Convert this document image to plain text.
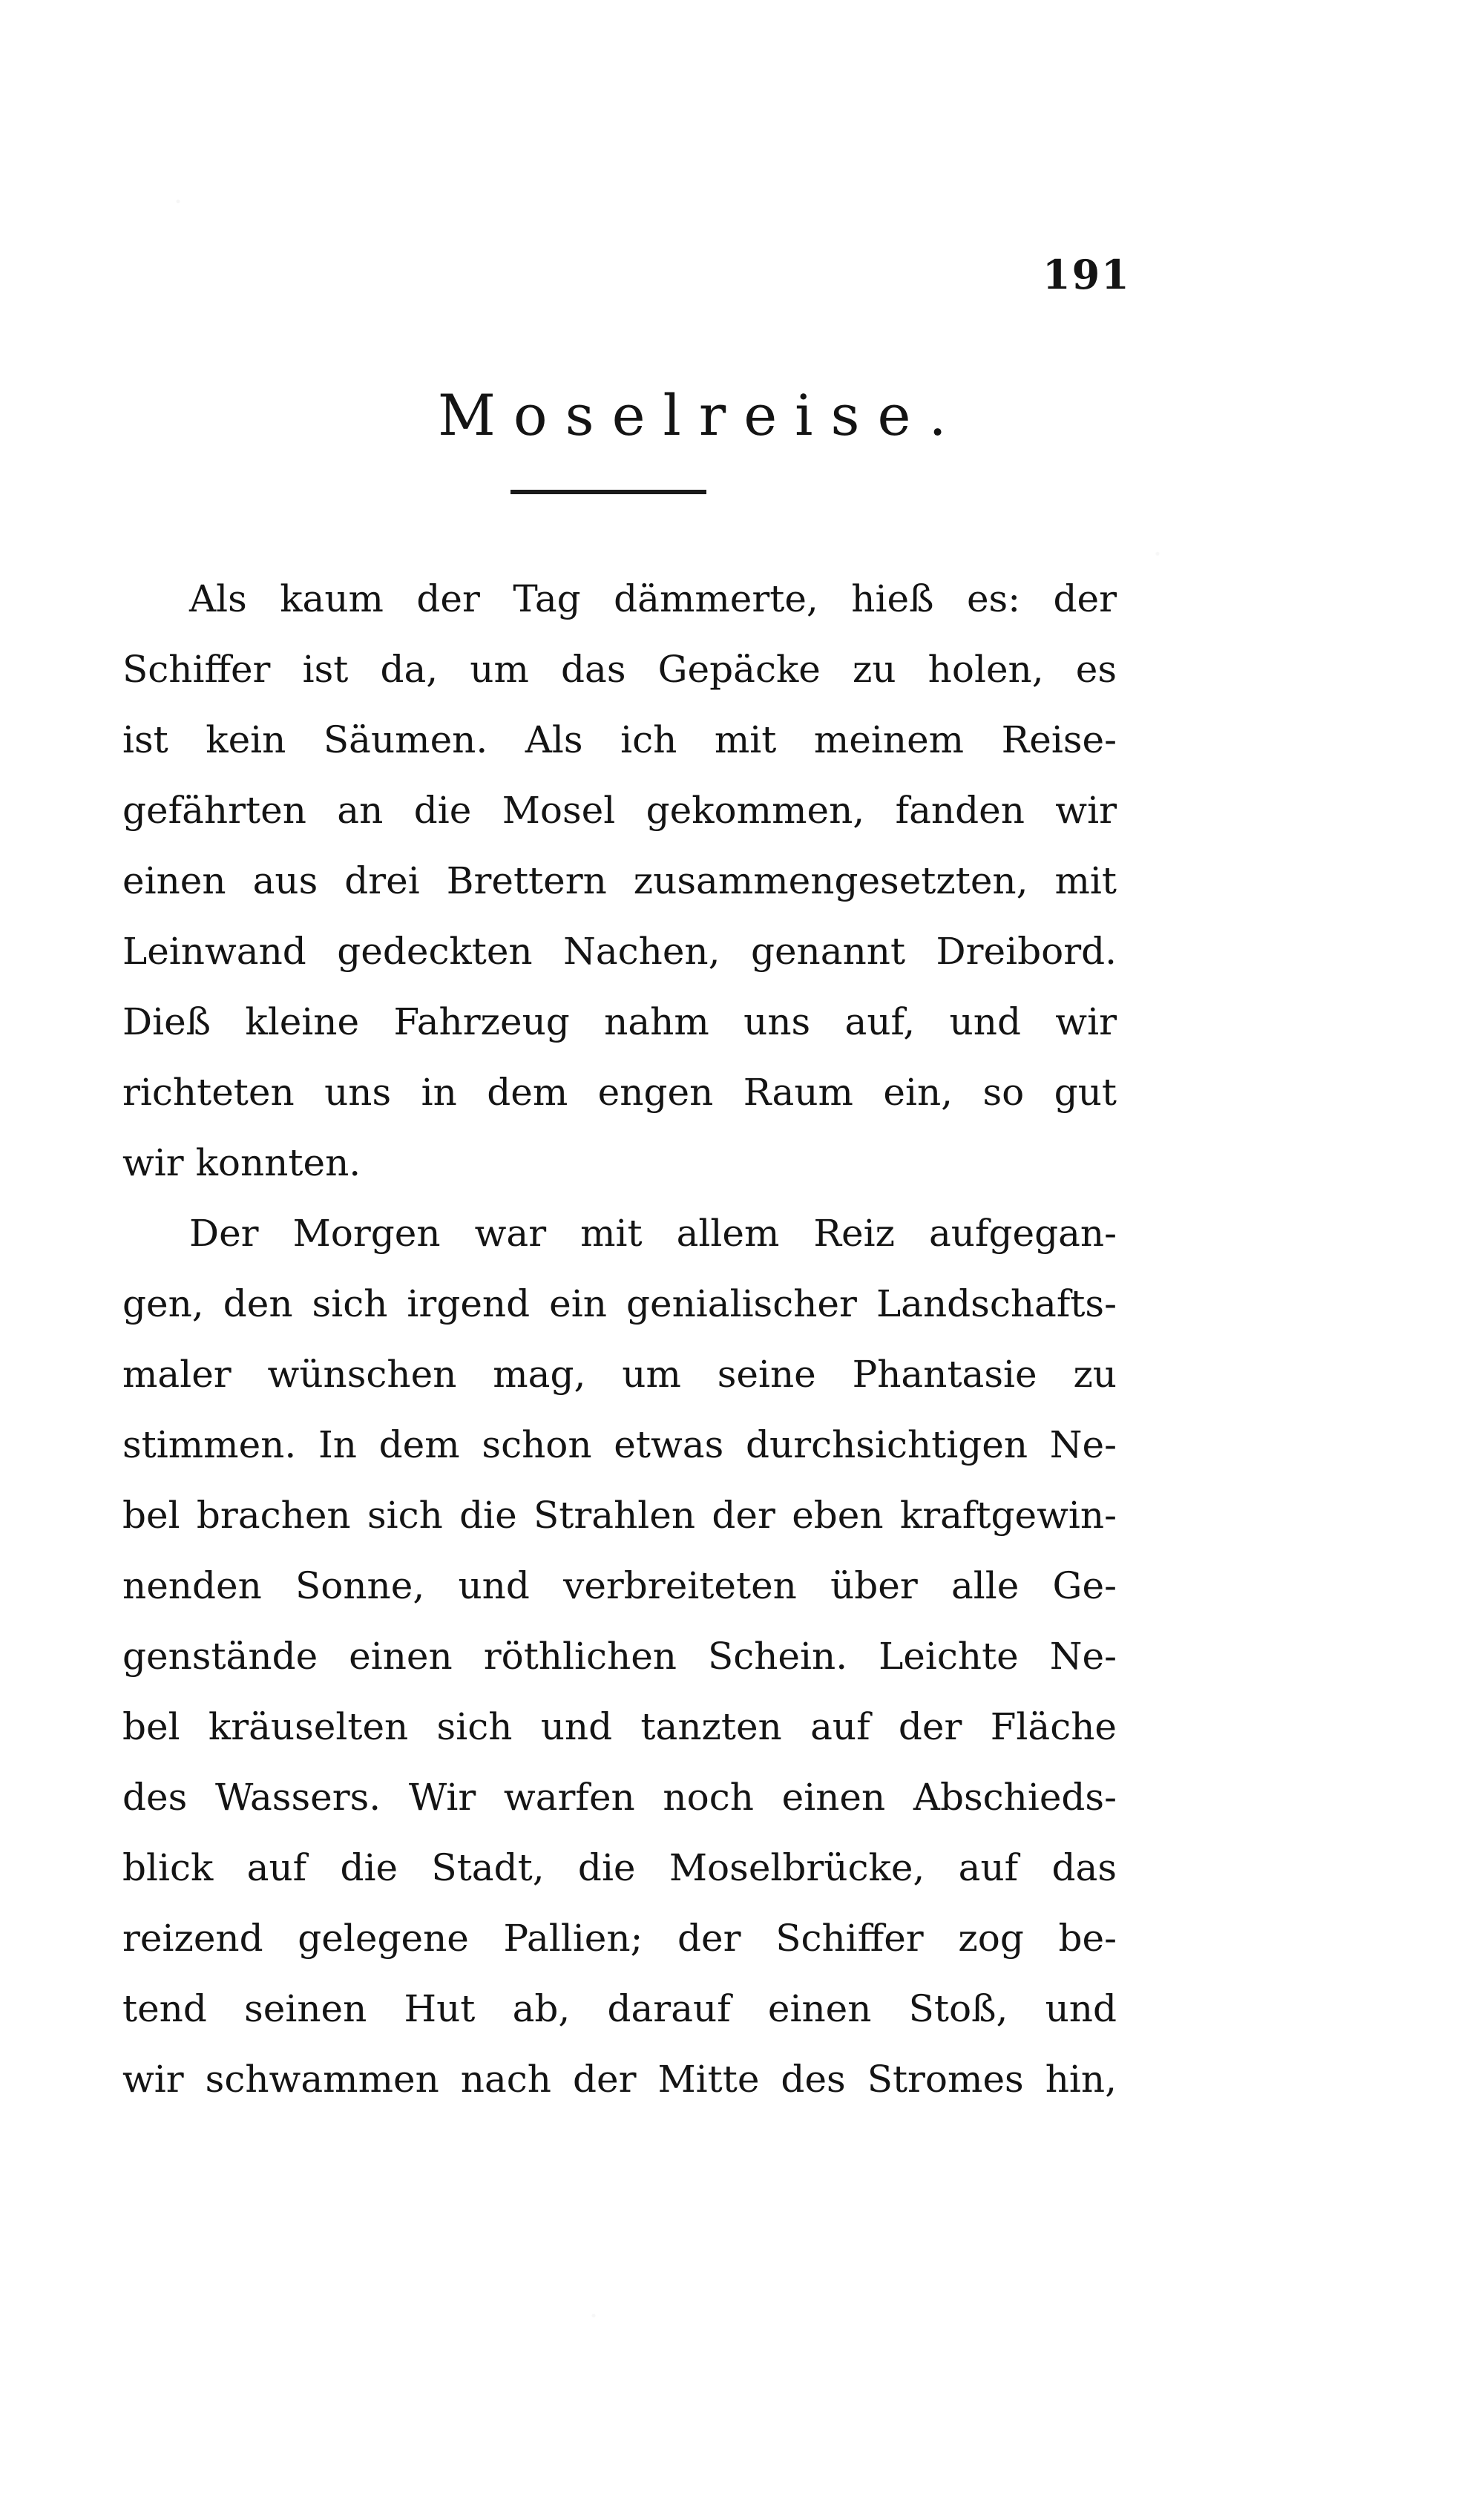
191
Moselreise.
Als kaum der Tag dämmerte, hieß es: der
Schiffer ist da, um das Gepäcke zu holen, es
ist kein Säumen. Als ich mit meinem Reise-
gefährten an die Mosel gekommen, fanden wir
einen aus drei Brettern zusammengesetzten, mit
Leinwand gedeckten Nachen, genannt Dreibord.
Dieß kleine Fahrzeug nahm uns auf, und wir
richteten uns in dem engen Raum ein, so gut
wir konnten.
Der Morgen war mit allem Reiz aufgegan-
gen, den sich irgend ein genialischer Landschafts-
maler wünschen mag, um seine Phantasie zu
stimmen. In dem schon etwas durchsichtigen Ne-
bel brachen sich die Strahlen der eben kraftgewin-
nenden Sonne, und verbreiteten über alle Ge-
genstände einen röthlichen Schein. Leichte Ne-
bel kräuselten sich und tanzten auf der Fläche
des Wassers. Wir warfen noch einen Abschieds-
blick auf die Stadt, die Moselbrücke, auf das
reizend gelegene Pallien; der Schiffer zog be-
tend seinen Hut ab, darauf einen Stoß, und
wir schwammen nach der Mitte des Stromes hin,
